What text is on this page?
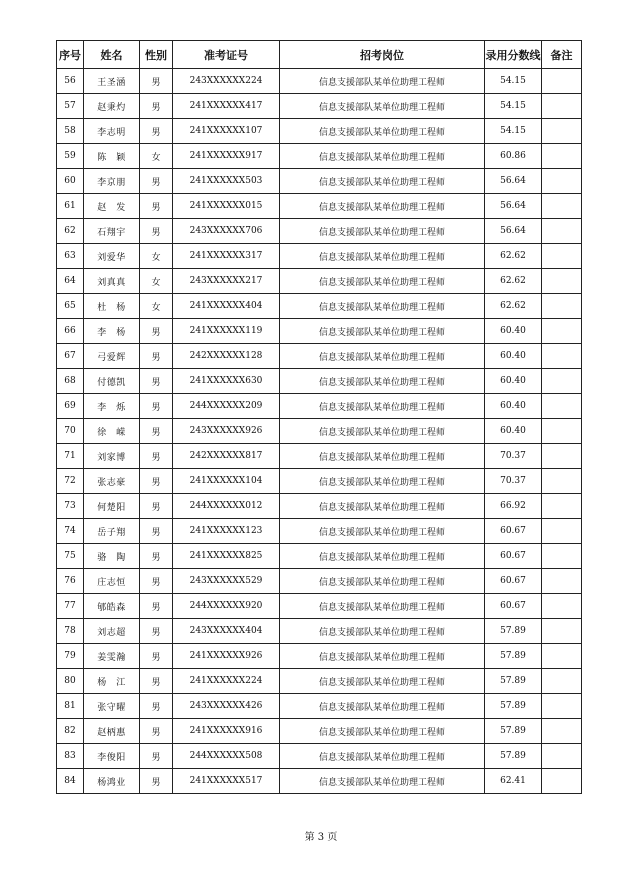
序号	姓名	性别	准考证号	招考岗位	录用分数线	备注
56	王圣涵	男	243XXXXXX224	信息支援部队某单位助理工程师	54.15	
57	赵秉灼	男	241XXXXXX417	信息支援部队某单位助理工程师	54.15	
58	李志明	男	241XXXXXX107	信息支援部队某单位助理工程师	54.15	
59	陈　颖	女	241XXXXXX917	信息支援部队某单位助理工程师	60.86	
60	李京朋	男	241XXXXXX503	信息支援部队某单位助理工程师	56.64	
61	赵　发	男	241XXXXXX015	信息支援部队某单位助理工程师	56.64	
62	石翔宇	男	243XXXXXX706	信息支援部队某单位助理工程师	56.64	
63	刘爱华	女	241XXXXXX317	信息支援部队某单位助理工程师	62.62	
64	刘真真	女	243XXXXXX217	信息支援部队某单位助理工程师	62.62	
65	杜　杨	女	241XXXXXX404	信息支援部队某单位助理工程师	62.62	
66	李　杨	男	241XXXXXX119	信息支援部队某单位助理工程师	60.40	
67	弓爱辉	男	242XXXXXX128	信息支援部队某单位助理工程师	60.40	
68	付德凯	男	241XXXXXX630	信息支援部队某单位助理工程师	60.40	
69	李　烁	男	244XXXXXX209	信息支援部队某单位助理工程师	60.40	
70	徐　嵘	男	243XXXXXX926	信息支援部队某单位助理工程师	60.40	
71	刘家博	男	242XXXXXX817	信息支援部队某单位助理工程师	70.37	
72	张志豪	男	241XXXXXX104	信息支援部队某单位助理工程师	70.37	
73	何楚阳	男	244XXXXXX012	信息支援部队某单位助理工程师	66.92	
74	岳子翔	男	241XXXXXX123	信息支援部队某单位助理工程师	60.67	
75	骆　陶	男	241XXXXXX825	信息支援部队某单位助理工程师	60.67	
76	庄志恒	男	243XXXXXX529	信息支援部队某单位助理工程师	60.67	
77	郇皓森	男	244XXXXXX920	信息支援部队某单位助理工程师	60.67	
78	刘志超	男	243XXXXXX404	信息支援部队某单位助理工程师	57.89	
79	姜雯瀚	男	241XXXXXX926	信息支援部队某单位助理工程师	57.89	
80	杨　江	男	241XXXXXX224	信息支援部队某单位助理工程师	57.89	
81	张守曜	男	243XXXXXX426	信息支援部队某单位助理工程师	57.89	
82	赵柄惠	男	241XXXXXX916	信息支援部队某单位助理工程师	57.89	
83	李俊阳	男	244XXXXXX508	信息支援部队某单位助理工程师	57.89	
84	杨鸿业	男	241XXXXXX517	信息支援部队某单位助理工程师	62.41	
第 3 页
